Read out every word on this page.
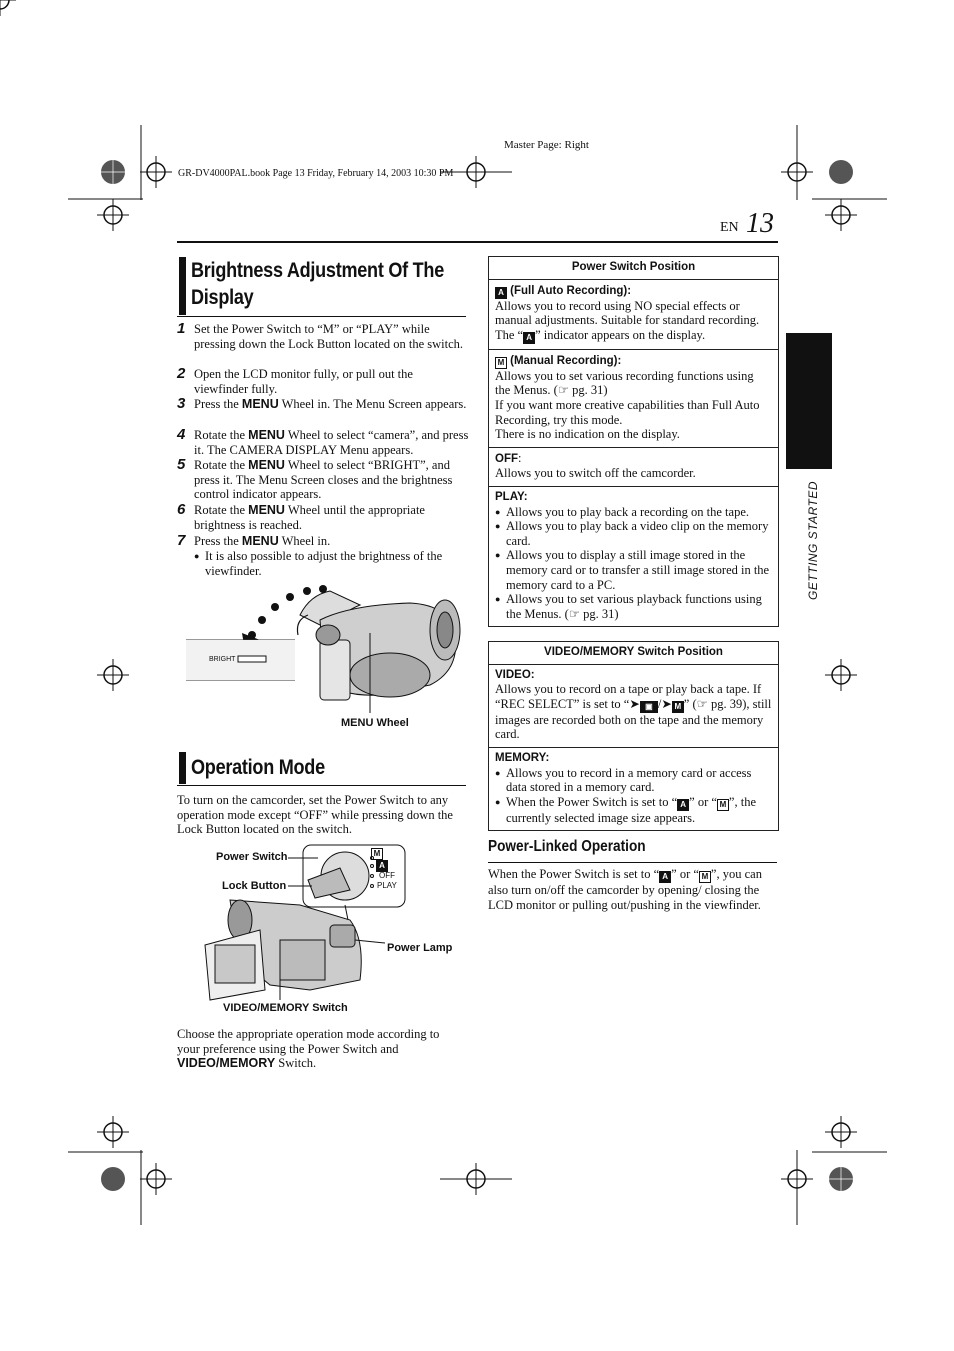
Master Page: Right
GR-DV4000PAL.book Page 13 Friday, February 14, 2003 10:30 PM
EN 13
GETTING STARTED
Brightness Adjustment Of The
Display
1 Set the Power Switch to “M” or “PLAY” while pressing down the Lock Button located on the switch.
2 Open the LCD monitor fully, or pull out the viewfinder fully.
3 Press the MENU Wheel in. The Menu Screen appears.
4 Rotate the MENU Wheel to select “camera”, and press it. The CAMERA DISPLAY Menu appears.
5 Rotate the MENU Wheel to select “BRIGHT”, and press it. The Menu Screen closes and the brightness control indicator appears.
6 Rotate the MENU Wheel until the appropriate brightness is reached.
7 Press the MENU Wheel in.
● It is also possible to adjust the brightness of the viewfinder.
BRIGHT
MENU Wheel
Operation Mode
To turn on the camcorder, set the Power Switch to any operation mode except “OFF” while pressing down the Lock Button located on the switch.
M
A
OFF
PLAY
Power Switch
Lock Button
Power Lamp
VIDEO/MEMORY Switch
Choose the appropriate operation mode according to your preference using the Power Switch and VIDEO/MEMORY Switch.
Power Switch Position
A (Full Auto Recording):
Allows you to record using NO special effects or manual adjustments. Suitable for standard recording.
The “ A ” indicator appears on the display.
M (Manual Recording):
Allows you to set various recording functions using the Menus. (☞ pg. 31)
If you want more creative capabilities than Full Auto Recording, try this mode.
There is no indication on the display.
OFF:
Allows you to switch off the camcorder.
PLAY:
● Allows you to play back a recording on the tape.
● Allows you to play back a video clip on the memory card.
● Allows you to display a still image stored in the memory card or to transfer a still image stored in the memory card to a PC.
● Allows you to set various playback functions using the Menus. (☞ pg. 31)
VIDEO/MEMORY Switch Position
VIDEO:
Allows you to record on a tape or play back a tape. If “REC SELECT” is set to “➤ ▣ /➤ M ” (☞ pg. 39), still images are recorded both on the tape and the memory card.
MEMORY:
● Allows you to record in a memory card or access data stored in a memory card.
● When the Power Switch is set to “ A ” or “ M ”, the currently selected image size appears.
Power-Linked Operation
When the Power Switch is set to “ A ” or “ M ”, you can also turn on/off the camcorder by opening/ closing the LCD monitor or pulling out/pushing in the viewfinder.
